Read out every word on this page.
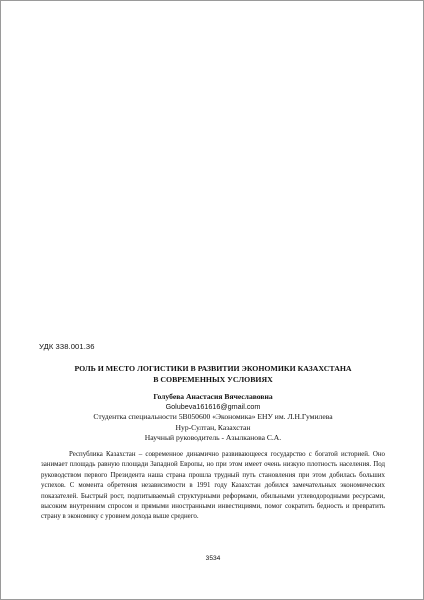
УДК 338.001.36
РОЛЬ И МЕСТО ЛОГИСТИКИ В РАЗВИТИИ ЭКОНОМИКИ КАЗАХСТАНА
В СОВРЕМЕННЫХ УСЛОВИЯХ
Голубева Анастасия Вячеславовна
Golubeva161616@gmail.com
Студентка специальности 5В050600 «Экономика» ЕНУ им. Л.Н.Гумилева
Нур-Султан, Казахстан
Научный руководитель - Азылканова С.А.
Республика Казахстан – современное динамично развивающееся государство с богатой историей. Оно занимает площадь равную площади Западной Европы, но при этом имеет очень низкую плотность населения. Под руководством первого Президента наша страна прошла трудный путь становления при этом добилась больших успехов. С момента обретения независимости в 1991 году Казахстан добился замечательных экономических показателей. Быстрый рост, подпитываемый структурными реформами, обильными углеводородными ресурсами, высоким внутренним спросом и прямыми иностранными инвестициями, помог сократить бедность и превратить страну в экономику с уровнем дохода выше среднего.
3534
